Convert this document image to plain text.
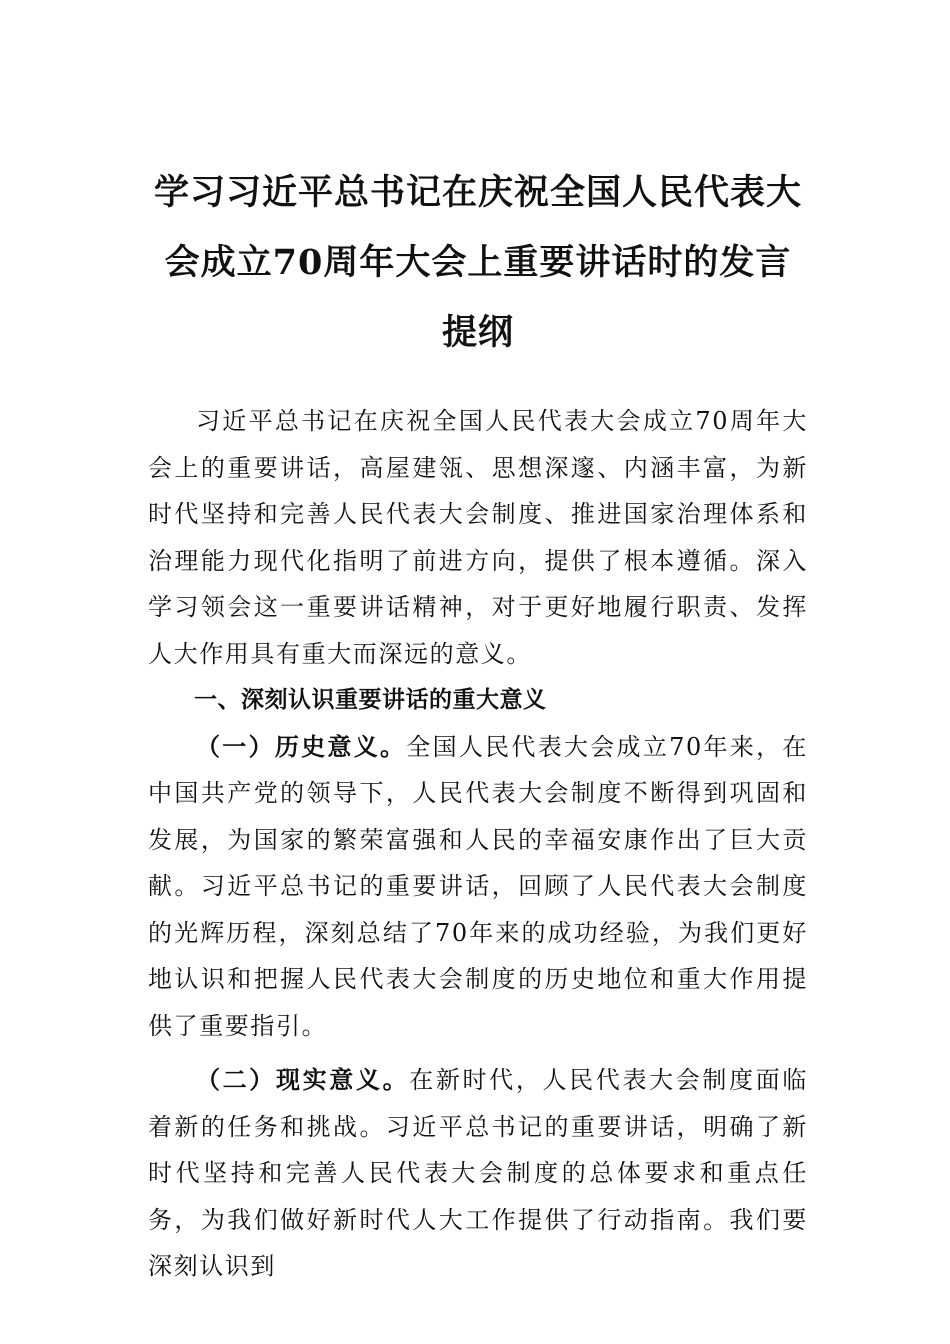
学习习近平总书记在庆祝全国人民代表大会成立70周年大会上重要讲话时的发言提纲

习近平总书记在庆祝全国人民代表大会成立70周年大会上的重要讲话，高屋建瓴、思想深邃、内涵丰富，为新时代坚持和完善人民代表大会制度、推进国家治理体系和治理能力现代化指明了前进方向，提供了根本遵循。深入学习领会这一重要讲话精神，对于更好地履行职责、发挥人大作用具有重大而深远的意义。

一、深刻认识重要讲话的重大意义

（一）历史意义。全国人民代表大会成立70年来，在中国共产党的领导下，人民代表大会制度不断得到巩固和发展，为国家的繁荣富强和人民的幸福安康作出了巨大贡献。习近平总书记的重要讲话，回顾了人民代表大会制度的光辉历程，深刻总结了70年来的成功经验，为我们更好地认识和把握人民代表大会制度的历史地位和重大作用提供了重要指引。

（二）现实意义。在新时代，人民代表大会制度面临着新的任务和挑战。习近平总书记的重要讲话，明确了新时代坚持和完善人民代表大会制度的总体要求和重点任务，为我们做好新时代人大工作提供了行动指南。我们要深刻认识到
